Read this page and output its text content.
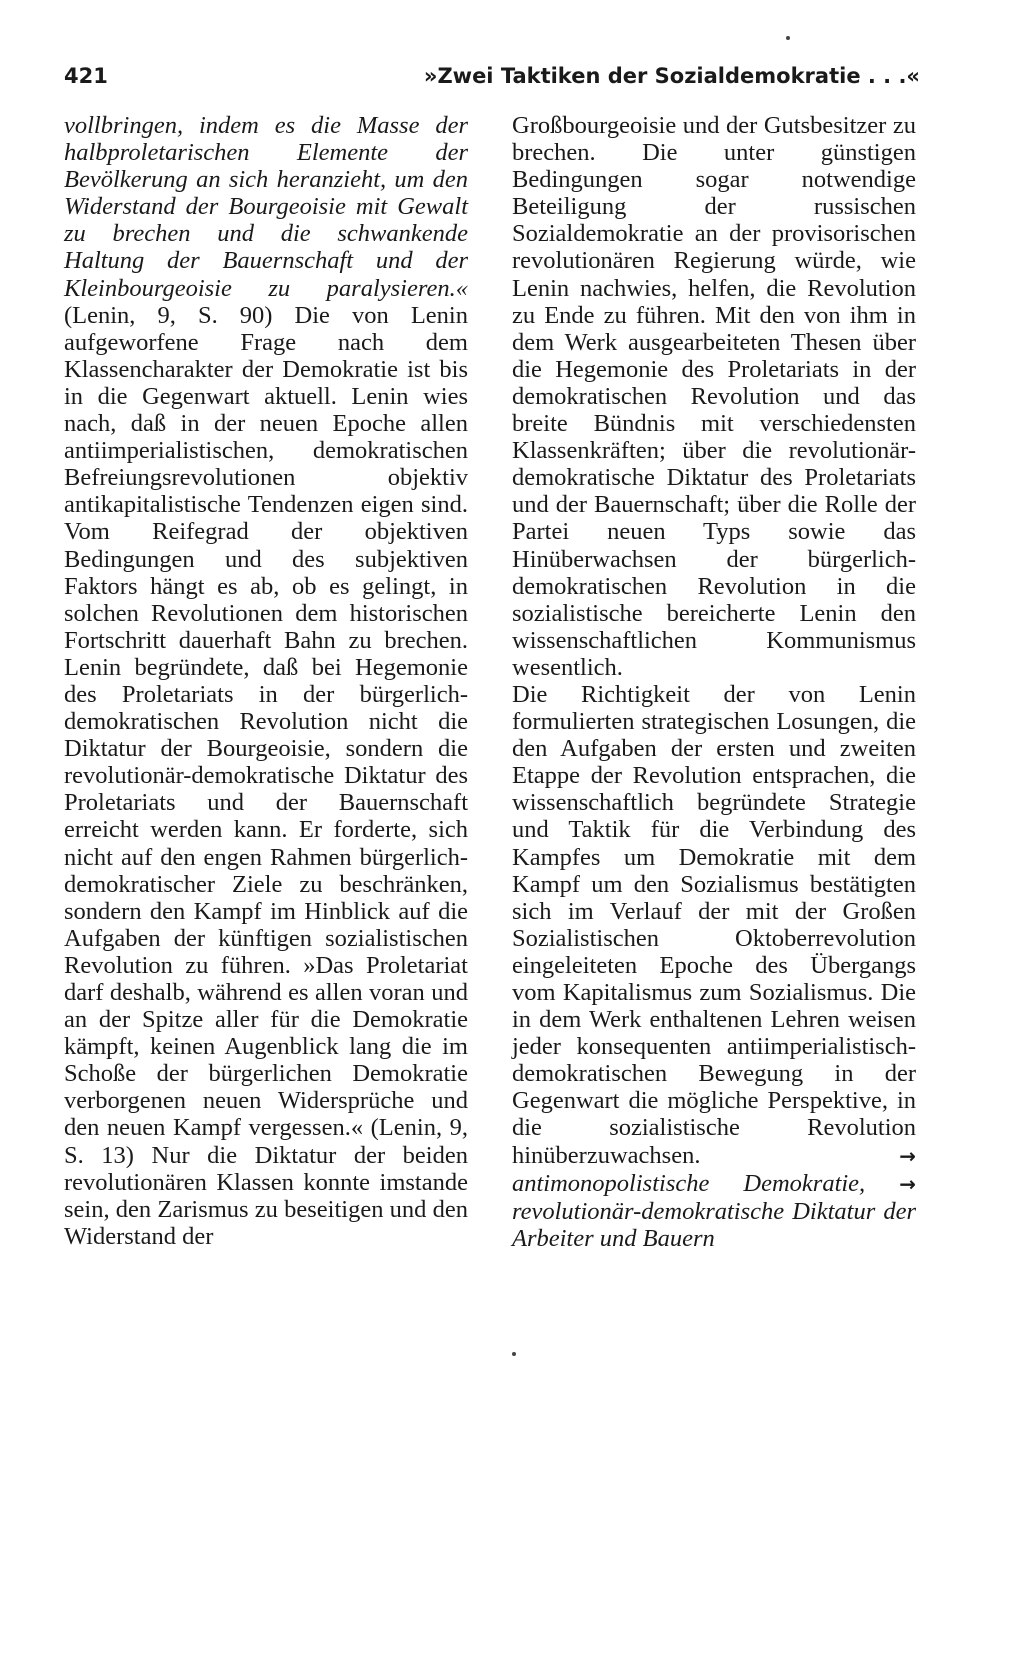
421	»Zwei Taktiken der Sozialdemokratie . . .«

vollbringen, indem es die Masse der halbproletarischen Elemente der Bevölkerung an sich heranzieht, um den Widerstand der Bourgeoisie mit Gewalt zu brechen und die schwankende Haltung der Bauernschaft und der Kleinbourgeoisie zu paralysieren.« (Lenin, 9, S. 90) Die von Lenin aufgeworfene Frage nach dem Klassencharakter der Demokratie ist bis in die Gegenwart aktuell. Lenin wies nach, daß in der neuen Epoche allen antiimperialistischen, demokratischen Befreiungsrevolutionen objektiv antikapitalistische Tendenzen eigen sind. Vom Reifegrad der objektiven Bedingungen und des subjektiven Faktors hängt es ab, ob es gelingt, in solchen Revolutionen dem historischen Fortschritt dauerhaft Bahn zu brechen. Lenin begründete, daß bei Hegemonie des Proletariats in der bürgerlich-demokratischen Revolution nicht die Diktatur der Bourgeoisie, sondern die revolutionär-demokratische Diktatur des Proletariats und der Bauernschaft erreicht werden kann. Er forderte, sich nicht auf den engen Rahmen bürgerlich-demokratischer Ziele zu beschränken, sondern den Kampf im Hinblick auf die Aufgaben der künftigen sozialistischen Revolution zu führen. »Das Proletariat darf deshalb, während es allen voran und an der Spitze aller für die Demokratie kämpft, keinen Augenblick lang die im Schoße der bürgerlichen Demokratie verborgenen neuen Widersprüche und den neuen Kampf vergessen.« (Lenin, 9, S. 13) Nur die Diktatur der beiden revolutionären Klassen konnte imstande sein, den Zarismus zu beseitigen und den Widerstand der

Großbourgeoisie und der Gutsbesitzer zu brechen. Die unter günstigen Bedingungen sogar notwendige Beteiligung der russischen Sozialdemokratie an der provisorischen revolutionären Regierung würde, wie Lenin nachwies, helfen, die Revolution zu Ende zu führen. Mit den von ihm in dem Werk ausgearbeiteten Thesen über die Hegemonie des Proletariats in der demokratischen Revolution und das breite Bündnis mit verschiedensten Klassenkräften; über die revolutionär-demokratische Diktatur des Proletariats und der Bauernschaft; über die Rolle der Partei neuen Typs sowie das Hinüberwachsen der bürgerlich-demokratischen Revolution in die sozialistische bereicherte Lenin den wissenschaftlichen Kommunismus wesentlich.

Die Richtigkeit der von Lenin formulierten strategischen Losungen, die den Aufgaben der ersten und zweiten Etappe der Revolution entsprachen, die wissenschaftlich begründete Strategie und Taktik für die Verbindung des Kampfes um Demokratie mit dem Kampf um den Sozialismus bestätigten sich im Verlauf der mit der Großen Sozialistischen Oktoberrevolution eingeleiteten Epoche des Übergangs vom Kapitalismus zum Sozialismus. Die in dem Werk enthaltenen Lehren weisen jeder konsequenten antiimperialistisch-demokratischen Bewegung in der Gegenwart die mögliche Perspektive, in die sozialistische Revolution hinüberzuwachsen.	→ antimonopolistische Demokratie, → revolutionär-demokratische Diktatur der Arbeiter und Bauern
